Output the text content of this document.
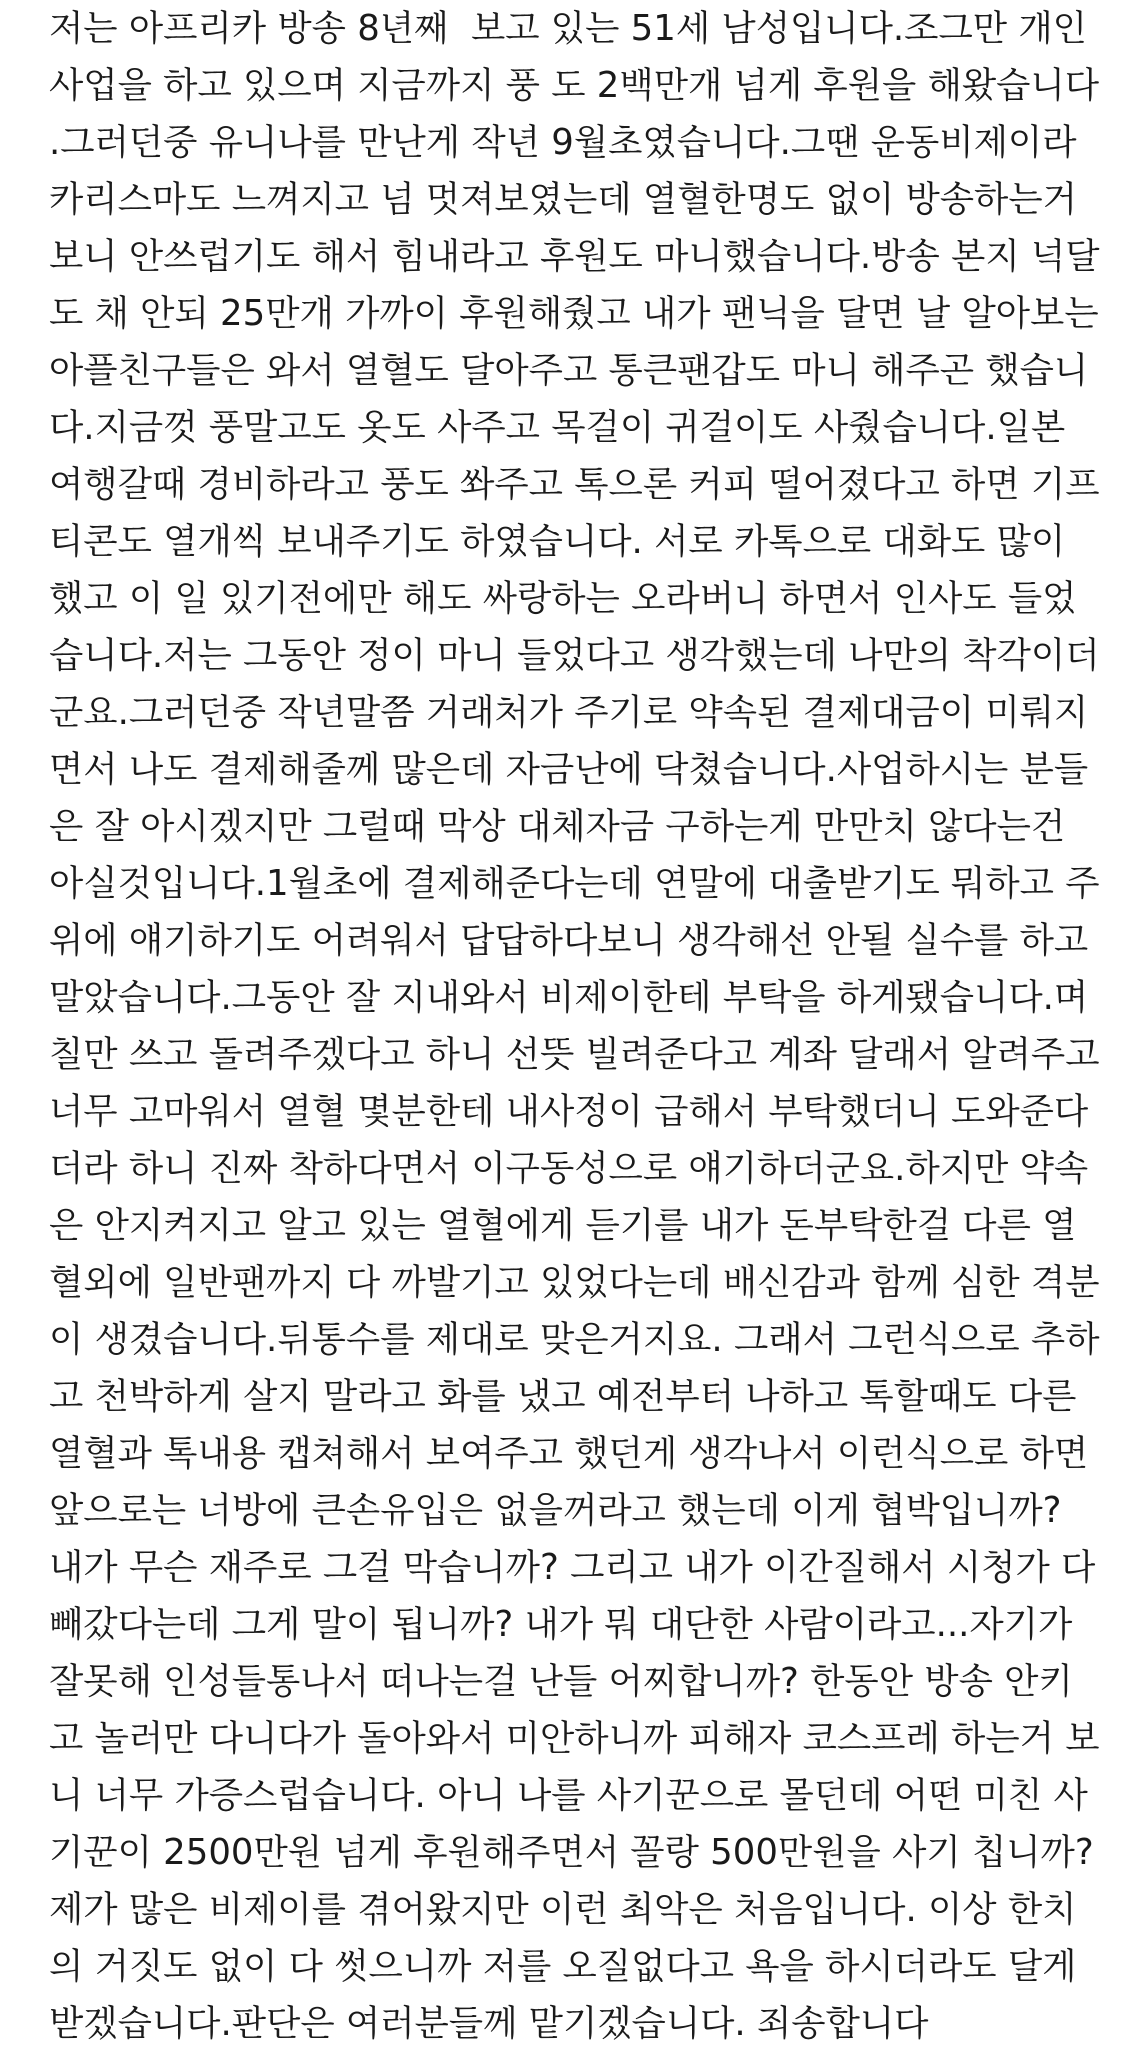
저는 아프리카 방송 8년째  보고 있는 51세 남성입니다.조그만 개인
사업을 하고 있으며 지금까지 풍 도 2백만개 넘게 후원을 해왔습니다
.그러던중 유니나를 만난게 작년 9월초였습니다.그땐 운동비제이라
카리스마도 느껴지고 넘 멋져보였는데 열혈한명도 없이 방송하는거
보니 안쓰럽기도 해서 힘내라고 후원도 마니했습니다.방송 본지 넉달
도 채 안되 25만개 가까이 후원해줬고 내가 팬닉을 달면 날 알아보는
아플친구들은 와서 열혈도 달아주고 통큰팬갑도 마니 해주곤 했습니
다.지금껏 풍말고도 옷도 사주고 목걸이 귀걸이도 사줬습니다.일본
여행갈때 경비하라고 풍도 쏴주고 톡으론 커피 떨어졌다고 하면 기프
티콘도 열개씩 보내주기도 하였습니다. 서로 카톡으로 대화도 많이
했고 이 일 있기전에만 해도 싸랑하는 오라버니 하면서 인사도 들었
습니다.저는 그동안 정이 마니 들었다고 생각했는데 나만의 착각이더
군요.그러던중 작년말쯤 거래처가 주기로 약속된 결제대금이 미뤄지
면서 나도 결제해줄께 많은데 자금난에 닥쳤습니다.사업하시는 분들
은 잘 아시겠지만 그럴때 막상 대체자금 구하는게 만만치 않다는건
아실것입니다.1월초에 결제해준다는데 연말에 대출받기도 뭐하고 주
위에 얘기하기도 어려워서 답답하다보니 생각해선 안될 실수를 하고
말았습니다.그동안 잘 지내와서 비제이한테 부탁을 하게됐습니다.며
칠만 쓰고 돌려주겠다고 하니 선뜻 빌려준다고 계좌 달래서 알려주고
너무 고마워서 열혈 몇분한테 내사정이 급해서 부탁했더니 도와준다
더라 하니 진짜 착하다면서 이구동성으로 얘기하더군요.하지만 약속
은 안지켜지고 알고 있는 열혈에게 듣기를 내가 돈부탁한걸 다른 열
혈외에 일반팬까지 다 까발기고 있었다는데 배신감과 함께 심한 격분
이 생겼습니다.뒤통수를 제대로 맞은거지요. 그래서 그런식으로 추하
고 천박하게 살지 말라고 화를 냈고 예전부터 나하고 톡할때도 다른
열혈과 톡내용 캡쳐해서 보여주고 했던게 생각나서 이런식으로 하면
앞으로는 너방에 큰손유입은 없을꺼라고 했는데 이게 협박입니까?
내가 무슨 재주로 그걸 막습니까? 그리고 내가 이간질해서 시청가 다
빼갔다는데 그게 말이 됩니까? 내가 뭐 대단한 사람이라고...자기가
잘못해 인성들통나서 떠나는걸 난들 어찌합니까? 한동안 방송 안키
고 놀러만 다니다가 돌아와서 미안하니까 피해자 코스프레 하는거 보
니 너무 가증스럽습니다. 아니 나를 사기꾼으로 몰던데 어떤 미친 사
기꾼이 2500만원 넘게 후원해주면서 꼴랑 500만원을 사기 칩니까?
제가 많은 비제이를 겪어왔지만 이런 최악은 처음입니다. 이상 한치
의 거짓도 없이 다 썻으니까 저를 오질없다고 욕을 하시더라도 달게
받겠습니다.판단은 여러분들께 맡기겠습니다. 죄송합니다
